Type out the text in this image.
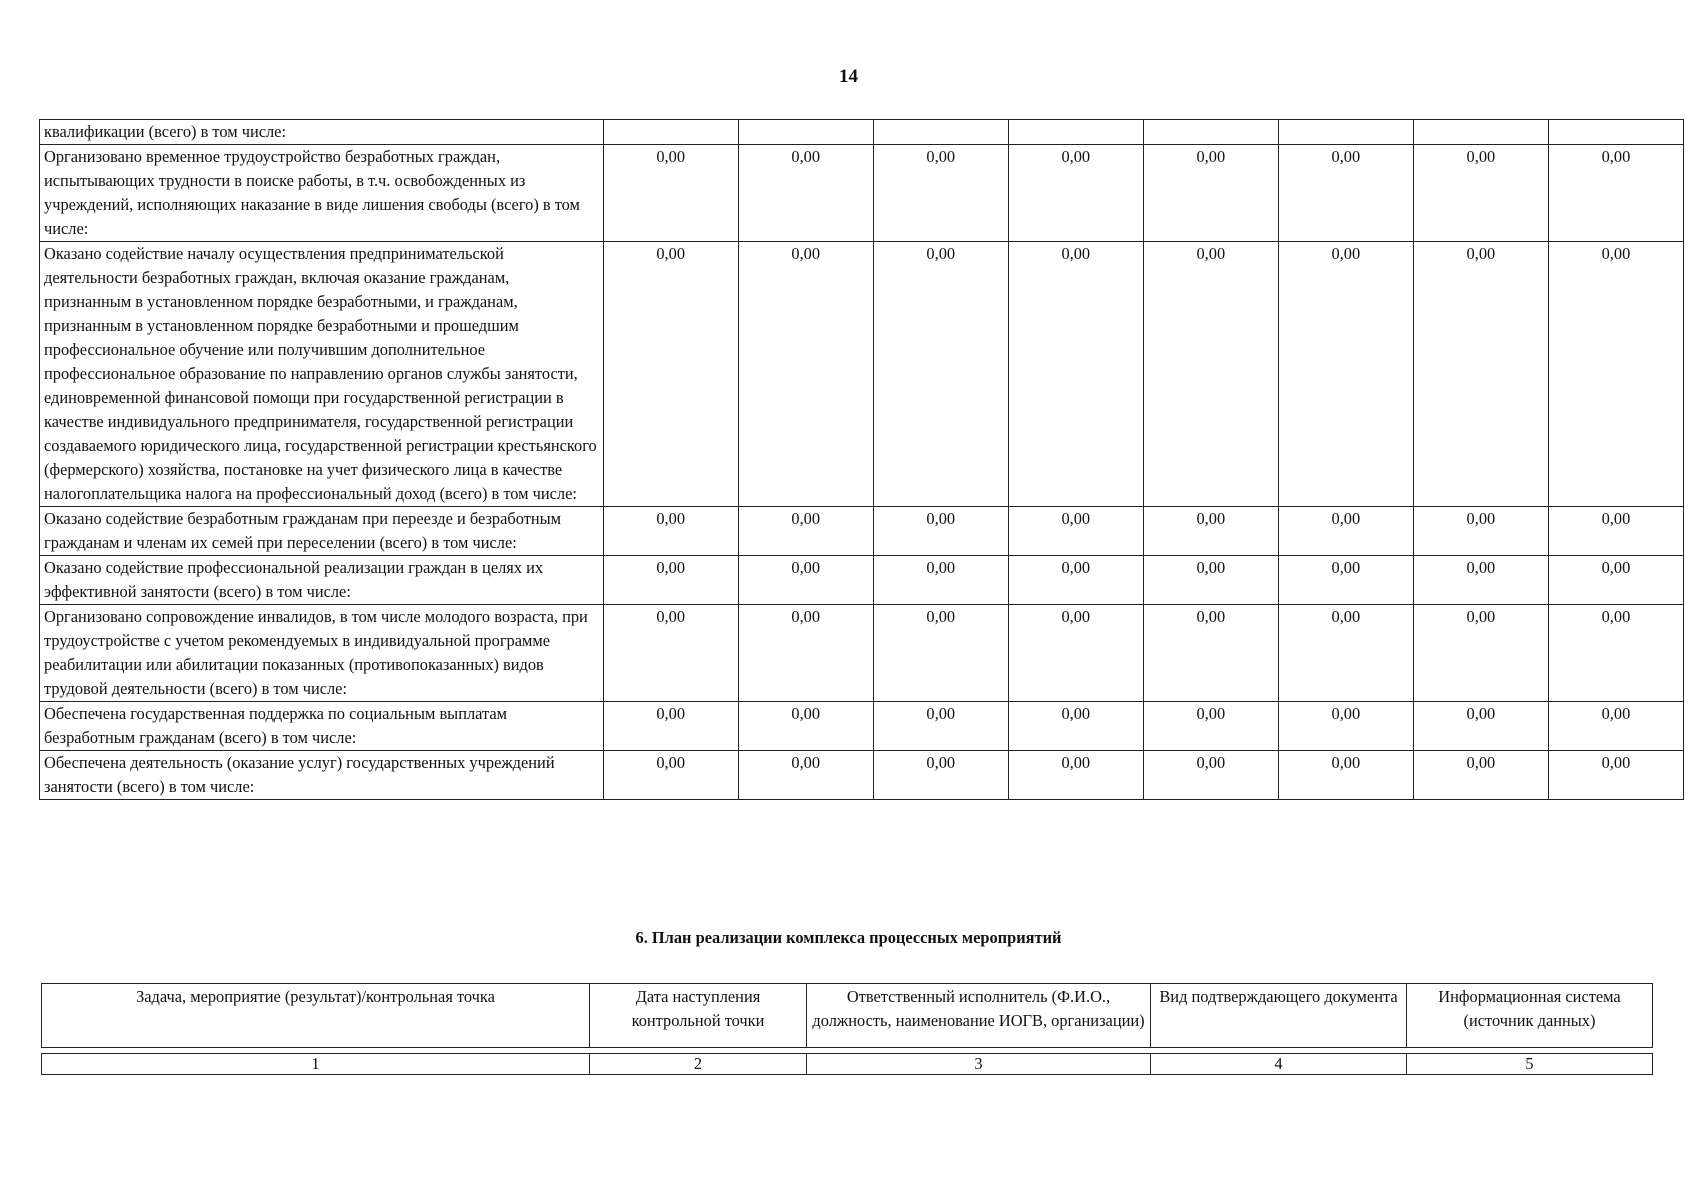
14
квалификации (всего) в том числе:								
Организовано временное трудоустройство безработных граждан, испытывающих трудности в поиске работы, в т.ч. освобожденных из учреждений, исполняющих наказание в виде лишения свободы (всего) в том числе:	0,00	0,00	0,00	0,00	0,00	0,00	0,00	0,00
Оказано содействие началу осуществления предпринимательской деятельности безработных граждан, включая оказание гражданам, признанным в установленном порядке безработными, и гражданам, признанным в установленном порядке безработными и прошедшим профессиональное обучение или получившим дополнительное профессиональное образование по направлению органов службы занятости, единовременной финансовой помощи при государственной регистрации в качестве индивидуального предпринимателя, государственной регистрации создаваемого юридического лица, государственной регистрации крестьянского (фермерского) хозяйства, постановке на учет физического лица в качестве налогоплательщика налога на профессиональный доход (всего) в том числе:	0,00	0,00	0,00	0,00	0,00	0,00	0,00	0,00
Оказано содействие безработным гражданам при переезде и безработным гражданам и членам их семей при переселении (всего) в том числе:	0,00	0,00	0,00	0,00	0,00	0,00	0,00	0,00
Оказано содействие профессиональной реализации граждан в целях их эффективной занятости (всего) в том числе:	0,00	0,00	0,00	0,00	0,00	0,00	0,00	0,00
Организовано сопровождение инвалидов, в том числе молодого возраста, при трудоустройстве с учетом рекомендуемых в индивидуальной программе реабилитации или абилитации показанных (противопоказанных) видов трудовой деятельности (всего) в том числе:	0,00	0,00	0,00	0,00	0,00	0,00	0,00	0,00
Обеспечена государственная поддержка по социальным выплатам безработным гражданам (всего) в том числе:	0,00	0,00	0,00	0,00	0,00	0,00	0,00	0,00
Обеспечена деятельность (оказание услуг) государственных учреждений занятости (всего) в том числе:	0,00	0,00	0,00	0,00	0,00	0,00	0,00	0,00
6. План реализации комплекса процессных мероприятий
Задача, мероприятие (результат)/контрольная точка	Дата наступления контрольной точки	Ответственный исполнитель (Ф.И.О., должность, наименование ИОГВ, организации)	Вид подтверждающего документа	Информационная система (источник данных)

1	2	3	4	5
